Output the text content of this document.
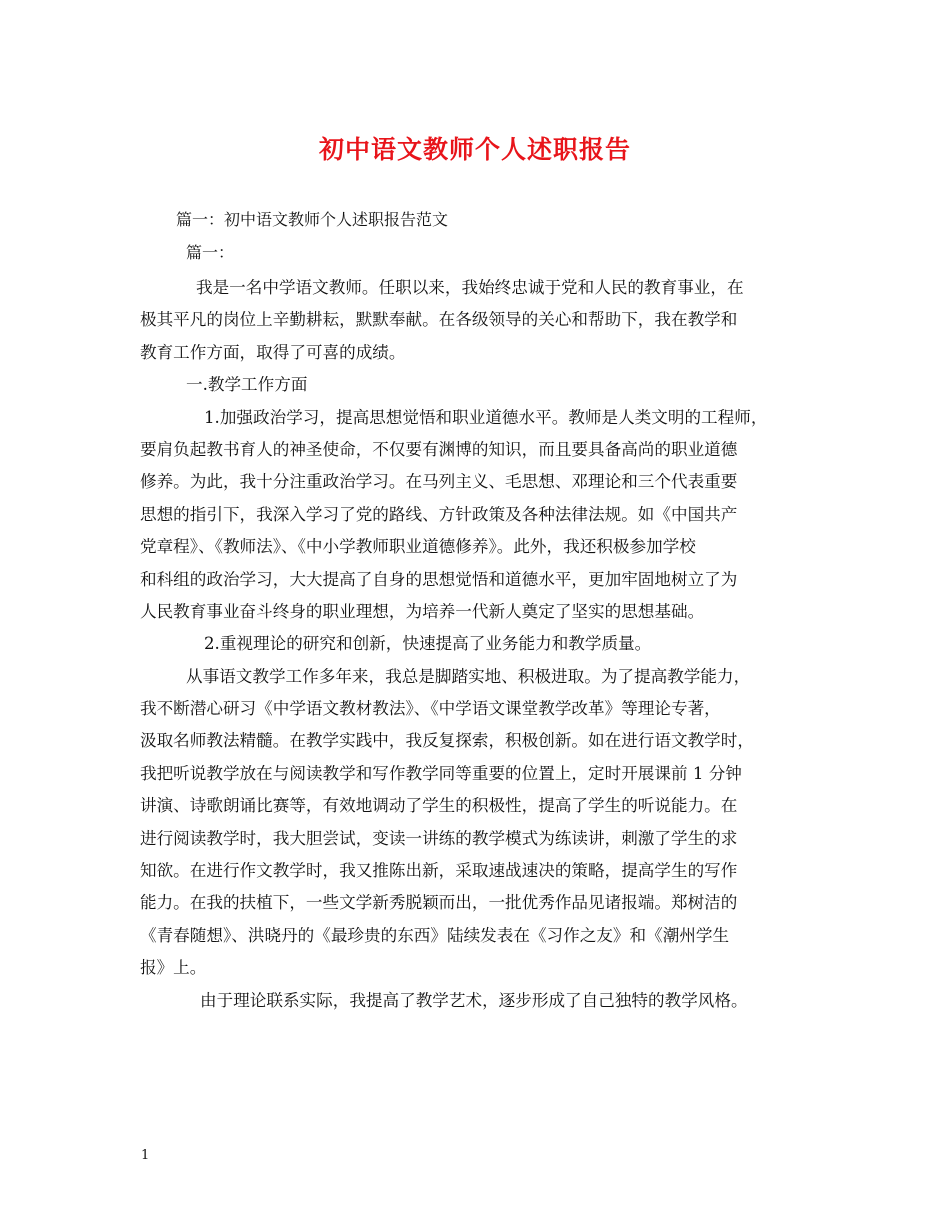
初中语文教师个人述职报告
篇一：初中语文教师个人述职报告范文
篇一：
我是一名中学语文教师。任职以来，我始终忠诚于党和人民的教育事业，在
极其平凡的岗位上辛勤耕耘，默默奉献。在各级领导的关心和帮助下，我在教学和
教育工作方面，取得了可喜的成绩。
一.教学工作方面
1.加强政治学习，提高思想觉悟和职业道德水平。教师是人类文明的工程师，
要肩负起教书育人的神圣使命，不仅要有渊博的知识，而且要具备高尚的职业道德
修养。为此，我十分注重政治学习。在马列主义、毛思想、邓理论和三个代表重要
思想的指引下，我深入学习了党的路线、方针政策及各种法律法规。如《中国共产
党章程》、《教师法》、《中小学教师职业道德修养》。此外，我还积极参加学校
和科组的政治学习，大大提高了自身的思想觉悟和道德水平，更加牢固地树立了为
人民教育事业奋斗终身的职业理想，为培养一代新人奠定了坚实的思想基础。
2.重视理论的研究和创新，快速提高了业务能力和教学质量。
从事语文教学工作多年来，我总是脚踏实地、积极进取。为了提高教学能力，
我不断潜心研习《中学语文教材教法》、《中学语文课堂教学改革》等理论专著，
汲取名师教法精髓。在教学实践中，我反复探索，积极创新。如在进行语文教学时，
我把听说教学放在与阅读教学和写作教学同等重要的位置上，定时开展课前 1 分钟
讲演、诗歌朗诵比赛等，有效地调动了学生的积极性，提高了学生的听说能力。在
进行阅读教学时，我大胆尝试，变读一讲练的教学模式为练读讲，刺激了学生的求
知欲。在进行作文教学时，我又推陈出新，采取速战速决的策略，提高学生的写作
能力。在我的扶植下，一些文学新秀脱颖而出，一批优秀作品见诸报端。郑树洁的
《青春随想》、洪晓丹的《最珍贵的东西》陆续发表在《习作之友》和《潮州学生
报》上。
由于理论联系实际，我提高了教学艺术，逐步形成了自己独特的教学风格。
1
